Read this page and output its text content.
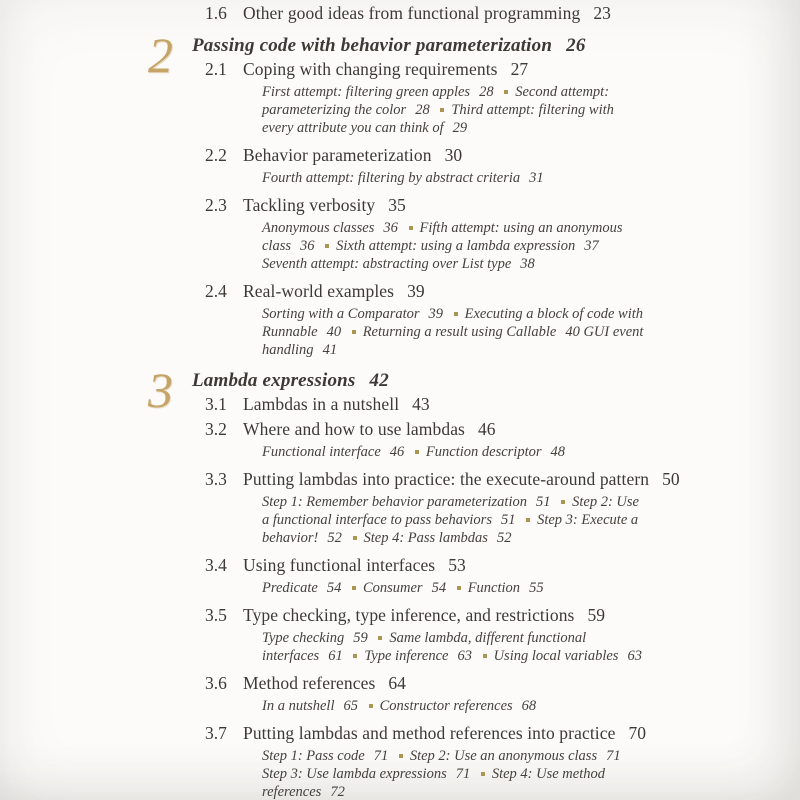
1.6 Other good ideas from functional programming 23
2 Passing code with behavior parameterization 26
2.1 Coping with changing requirements 27
First attempt: filtering green apples 28 Second attempt: parameterizing the color 28 Third attempt: filtering with every attribute you can think of 29
2.2 Behavior parameterization 30
Fourth attempt: filtering by abstract criteria 31
2.3 Tackling verbosity 35
Anonymous classes 36 Fifth attempt: using an anonymous class 36 Sixth attempt: using a lambda expression 37 Seventh attempt: abstracting over List type 38
2.4 Real-world examples 39
Sorting with a Comparator 39 Executing a block of code with Runnable 40 Returning a result using Callable 40 GUI event handling 41
3 Lambda expressions 42
3.1 Lambdas in a nutshell 43
3.2 Where and how to use lambdas 46
Functional interface 46 Function descriptor 48
3.3 Putting lambdas into practice: the execute-around pattern 50
Step 1: Remember behavior parameterization 51 Step 2: Use a functional interface to pass behaviors 51 Step 3: Execute a behavior! 52 Step 4: Pass lambdas 52
3.4 Using functional interfaces 53
Predicate 54 Consumer 54 Function 55
3.5 Type checking, type inference, and restrictions 59
Type checking 59 Same lambda, different functional interfaces 61 Type inference 63 Using local variables 63
3.6 Method references 64
In a nutshell 65 Constructor references 68
3.7 Putting lambdas and method references into practice 70
Step 1: Pass code 71 Step 2: Use an anonymous class 71 Step 3: Use lambda expressions 71 Step 4: Use method references 72
